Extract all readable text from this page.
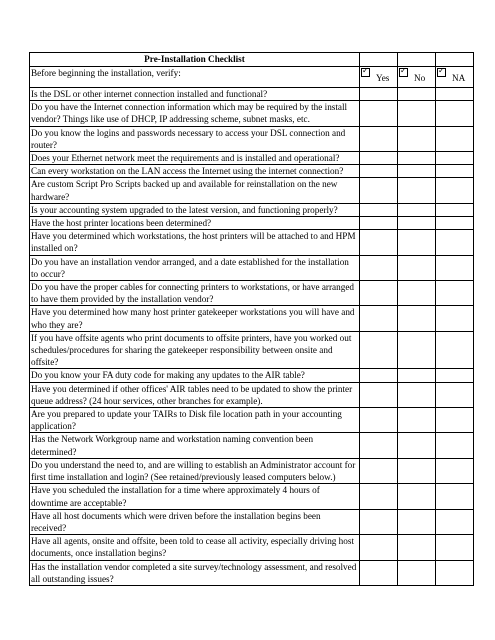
Pre-Installation Checklist			
Before beginning the installation, verify:	✓Yes	✓No	✓NA
Is the DSL or other internet connection installed and functional?			
Do you have the Internet connection information which may be required by the install vendor? Things like use of DHCP, IP addressing scheme, subnet masks, etc.			
Do you know the logins and passwords necessary to access your DSL connection and router?			
Does your Ethernet network meet the requirements and is installed and operational?			
Can every workstation on the LAN access the Internet using the internet connection?			
Are custom Script Pro Scripts backed up and available for reinstallation on the new hardware?			
Is your accounting system upgraded to the latest version, and functioning properly?			
Have the host printer locations been determined?			
Have you determined which workstations, the host printers will be attached to and HPM installed on?			
Do you have an installation vendor arranged, and a date established for the installation to occur?			
Do you have the proper cables for connecting printers to workstations, or have arranged to have them provided by the installation vendor?			
Have you determined how many host printer gatekeeper workstations you will have and who they are?			
If you have offsite agents who print documents to offsite printers, have you worked out schedules/procedures for sharing the gatekeeper responsibility between onsite and offsite?			
Do you know your FA duty code for making any updates to the AIR table?			
Have you determined if other offices' AIR tables need to be updated to show the printer queue address? (24 hour services, other branches for example).			
Are you prepared to update your TAIRs to Disk file location path in your accounting application?			
Has the Network Workgroup name and workstation naming convention been determined?			
Do you understand the need to, and are willing to establish an Administrator account for first time installation and login? (See retained/previously leased computers below.)			
Have you scheduled the installation for a time where approximately 4 hours of downtime are acceptable?			
Have all host documents which were driven before the installation begins been received?			
Have all agents, onsite and offsite, been told to cease all activity, especially driving host documents, once installation begins?			
Has the installation vendor completed a site survey/technology assessment, and resolved all outstanding issues?			
